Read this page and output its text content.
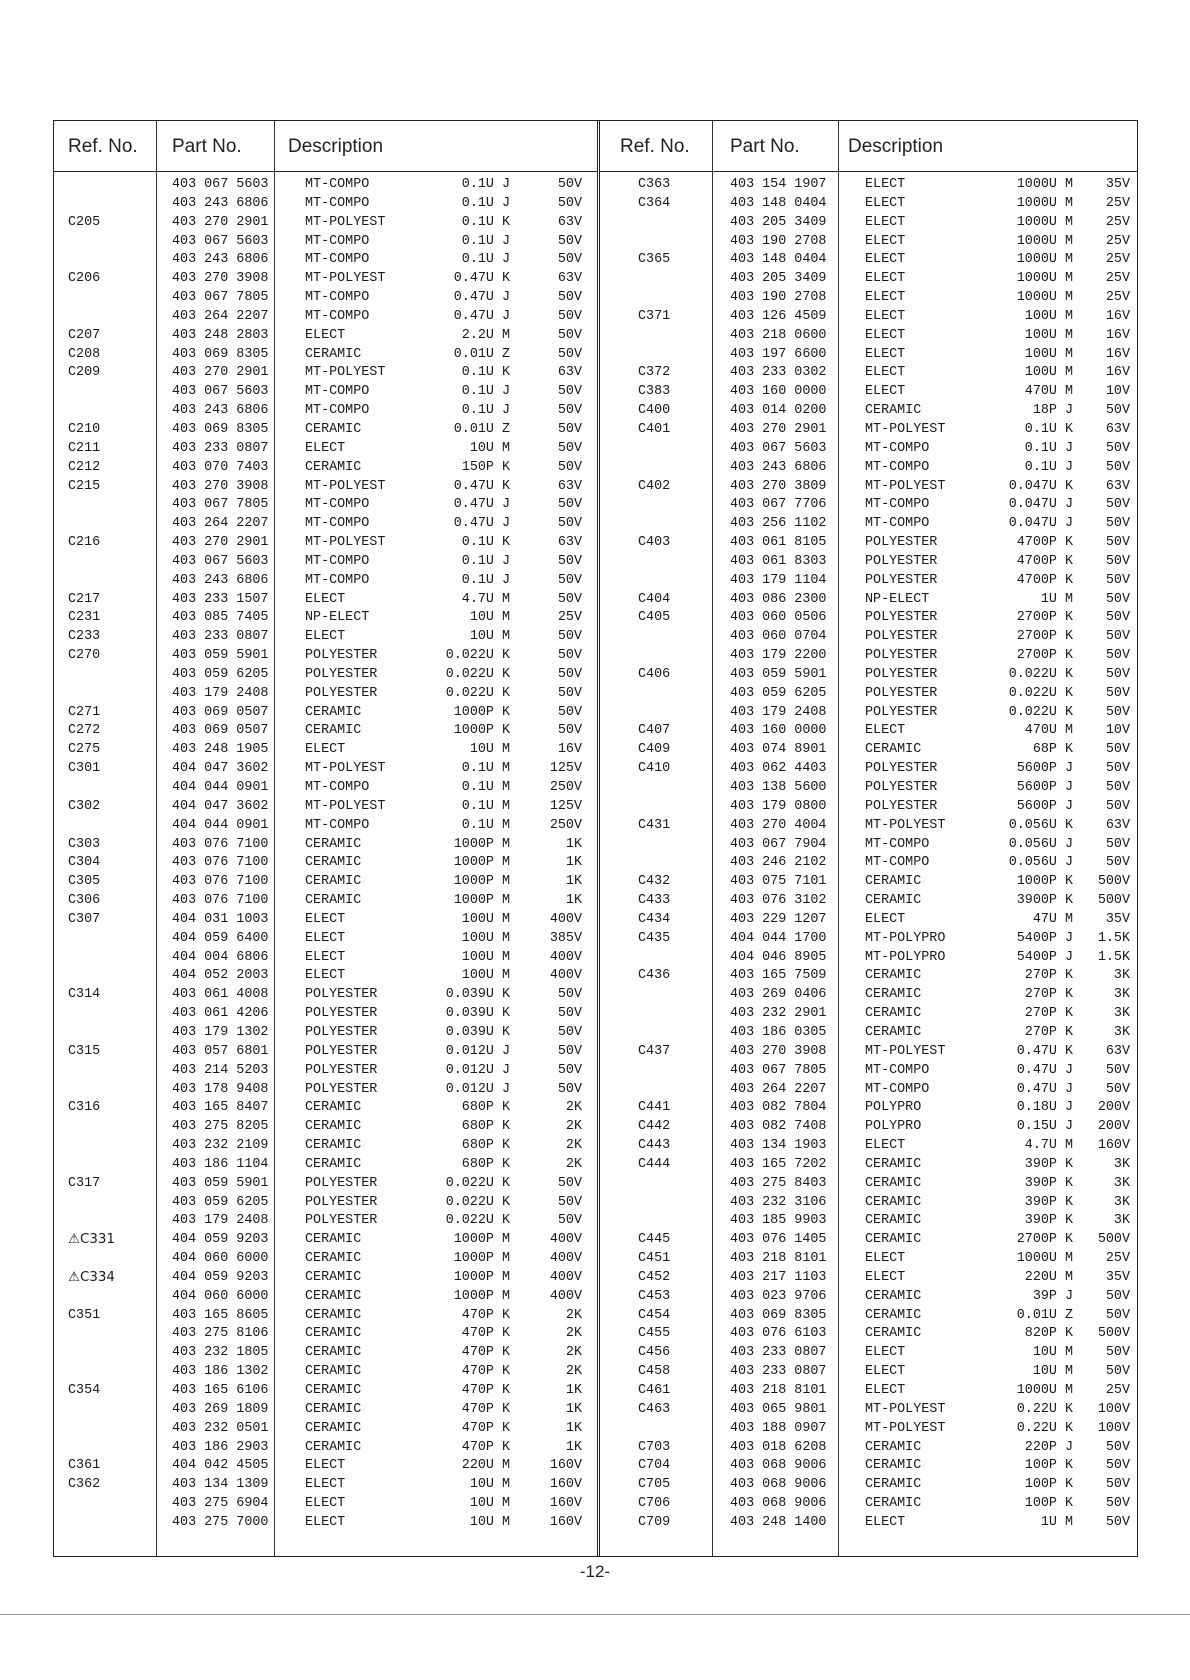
Ref. No. Part No. Description
403 067 5603	MT-COMPO	0.1U J	50V
403 243 6806	MT-COMPO	0.1U J	50V
C205	403 270 2901	MT-POLYEST	0.1U K	63V
403 067 5603	MT-COMPO	0.1U J	50V
403 243 6806	MT-COMPO	0.1U J	50V
C206	403 270 3908	MT-POLYEST	0.47U K	63V
403 067 7805	MT-COMPO	0.47U J	50V
403 264 2207	MT-COMPO	0.47U J	50V
C207	403 248 2803	ELECT	2.2U M	50V
C208	403 069 8305	CERAMIC	0.01U Z	50V
C209	403 270 2901	MT-POLYEST	0.1U K	63V
403 067 5603	MT-COMPO	0.1U J	50V
403 243 6806	MT-COMPO	0.1U J	50V
C210	403 069 8305	CERAMIC	0.01U Z	50V
C211	403 233 0807	ELECT	10U M	50V
C212	403 070 7403	CERAMIC	150P K	50V
C215	403 270 3908	MT-POLYEST	0.47U K	63V
403 067 7805	MT-COMPO	0.47U J	50V
403 264 2207	MT-COMPO	0.47U J	50V
C216	403 270 2901	MT-POLYEST	0.1U K	63V
403 067 5603	MT-COMPO	0.1U J	50V
403 243 6806	MT-COMPO	0.1U J	50V
C217	403 233 1507	ELECT	4.7U M	50V
C231	403 085 7405	NP-ELECT	10U M	25V
C233	403 233 0807	ELECT	10U M	50V
C270	403 059 5901	POLYESTER	0.022U K	50V
403 059 6205	POLYESTER	0.022U K	50V
403 179 2408	POLYESTER	0.022U K	50V
C271	403 069 0507	CERAMIC	1000P K	50V
C272	403 069 0507	CERAMIC	1000P K	50V
C275	403 248 1905	ELECT	10U M	16V
C301	404 047 3602	MT-POLYEST	0.1U M	125V
404 044 0901	MT-COMPO	0.1U M	250V
C302	404 047 3602	MT-POLYEST	0.1U M	125V
404 044 0901	MT-COMPO	0.1U M	250V
C303	403 076 7100	CERAMIC	1000P M	1K
C304	403 076 7100	CERAMIC	1000P M	1K
C305	403 076 7100	CERAMIC	1000P M	1K
C306	403 076 7100	CERAMIC	1000P M	1K
C307	404 031 1003	ELECT	100U M	400V
404 059 6400	ELECT	100U M	385V
404 004 6806	ELECT	100U M	400V
404 052 2003	ELECT	100U M	400V
C314	403 061 4008	POLYESTER	0.039U K	50V
403 061 4206	POLYESTER	0.039U K	50V
403 179 1302	POLYESTER	0.039U K	50V
C315	403 057 6801	POLYESTER	0.012U J	50V
403 214 5203	POLYESTER	0.012U J	50V
403 178 9408	POLYESTER	0.012U J	50V
C316	403 165 8407	CERAMIC	680P K	2K
403 275 8205	CERAMIC	680P K	2K
403 232 2109	CERAMIC	680P K	2K
403 186 1104	CERAMIC	680P K	2K
C317	403 059 5901	POLYESTER	0.022U K	50V
403 059 6205	POLYESTER	0.022U K	50V
403 179 2408	POLYESTER	0.022U K	50V
⚠C331	404 059 9203	CERAMIC	1000P M	400V
404 060 6000	CERAMIC	1000P M	400V
⚠C334	404 059 9203	CERAMIC	1000P M	400V
404 060 6000	CERAMIC	1000P M	400V
C351	403 165 8605	CERAMIC	470P K	2K
403 275 8106	CERAMIC	470P K	2K
403 232 1805	CERAMIC	470P K	2K
403 186 1302	CERAMIC	470P K	2K
C354	403 165 6106	CERAMIC	470P K	1K
403 269 1809	CERAMIC	470P K	1K
403 232 0501	CERAMIC	470P K	1K
403 186 2903	CERAMIC	470P K	1K
C361	404 042 4505	ELECT	220U M	160V
C362	403 134 1309	ELECT	10U M	160V
403 275 6904	ELECT	10U M	160V
403 275 7000	ELECT	10U M	160V
Ref. No. Part No.	Description
C363	403 154 1907	ELECT	1000U M	35V
C364	403 148 0404	ELECT	1000U M	25V
403 205 3409	ELECT	1000U M	25V
403 190 2708	ELECT	1000U M	25V
C365	403 148 0404	ELECT	1000U M	25V
403 205 3409	ELECT	1000U M	25V
403 190 2708	ELECT	1000U M	25V
C371	403 126 4509	ELECT	100U M	16V
403 218 0600	ELECT	100U M	16V
403 197 6600	ELECT	100U M	16V
C372	403 233 0302	ELECT	100U M	16V
C383	403 160 0000	ELECT	470U M	10V
C400	403 014 0200	CERAMIC	18P J	50V
C401	403 270 2901	MT-POLYEST	0.1U K	63V
403 067 5603	MT-COMPO	0.1U J	50V
403 243 6806	MT-COMPO	0.1U J	50V
C402	403 270 3809	MT-POLYEST	0.047U K	63V
403 067 7706	MT-COMPO	0.047U J	50V
403 256 1102	MT-COMPO	0.047U J	50V
C403	403 061 8105	POLYESTER	4700P K	50V
403 061 8303	POLYESTER	4700P K	50V
403 179 1104	POLYESTER	4700P K	50V
C404	403 086 2300	NP-ELECT	1U M	50V
C405	403 060 0506	POLYESTER	2700P K	50V
403 060 0704	POLYESTER	2700P K	50V
403 179 2200	POLYESTER	2700P K	50V
C406	403 059 5901	POLYESTER	0.022U K	50V
403 059 6205	POLYESTER	0.022U K	50V
403 179 2408	POLYESTER	0.022U K	50V
C407	403 160 0000	ELECT	470U M	10V
C409	403 074 8901	CERAMIC	68P K	50V
C410	403 062 4403	POLYESTER	5600P J	50V
403 138 5600	POLYESTER	5600P J	50V
403 179 0800	POLYESTER	5600P J	50V
C431	403 270 4004	MT-POLYEST	0.056U K	63V
403 067 7904	MT-COMPO	0.056U J	50V
403 246 2102	MT-COMPO	0.056U J	50V
C432	403 075 7101	CERAMIC	1000P K	500V
C433	403 076 3102	CERAMIC	3900P K	500V
C434	403 229 1207	ELECT	47U M	35V
C435	404 044 1700	MT-POLYPRO	5400P J	1.5K
404 046 8905	MT-POLYPRO	5400P J	1.5K
C436	403 165 7509	CERAMIC	270P K	3K
403 269 0406	CERAMIC	270P K	3K
403 232 2901	CERAMIC	270P K	3K
403 186 0305	CERAMIC	270P K	3K
C437	403 270 3908	MT-POLYEST	0.47U K	63V
403 067 7805	MT-COMPO	0.47U J	50V
403 264 2207	MT-COMPO	0.47U J	50V
C441	403 082 7804	POLYPRO	0.18U J	200V
C442	403 082 7408	POLYPRO	0.15U J	200V
C443	403 134 1903	ELECT	4.7U M	160V
C444	403 165 7202	CERAMIC	390P K	3K
403 275 8403	CERAMIC	390P K	3K
403 232 3106	CERAMIC	390P K	3K
403 185 9903	CERAMIC	390P K	3K
C445	403 076 1405	CERAMIC	2700P K	500V
C451	403 218 8101	ELECT	1000U M	25V
C452	403 217 1103	ELECT	220U M	35V
C453	403 023 9706	CERAMIC	39P J	50V
C454	403 069 8305	CERAMIC	0.01U Z	50V
C455	403 076 6103	CERAMIC	820P K	500V
C456	403 233 0807	ELECT	10U M	50V
C458	403 233 0807	ELECT	10U M	50V
C461	403 218 8101	ELECT	1000U M	25V
C463	403 065 9801	MT-POLYEST	0.22U K	100V
403 188 0907	MT-POLYEST	0.22U K	100V
C703	403 018 6208	CERAMIC	220P J	50V
C704	403 068 9006	CERAMIC	100P K	50V
C705	403 068 9006	CERAMIC	100P K	50V
C706	403 068 9006	CERAMIC	100P K	50V
C709	403 248 1400	ELECT	1U M	50V
-12-
